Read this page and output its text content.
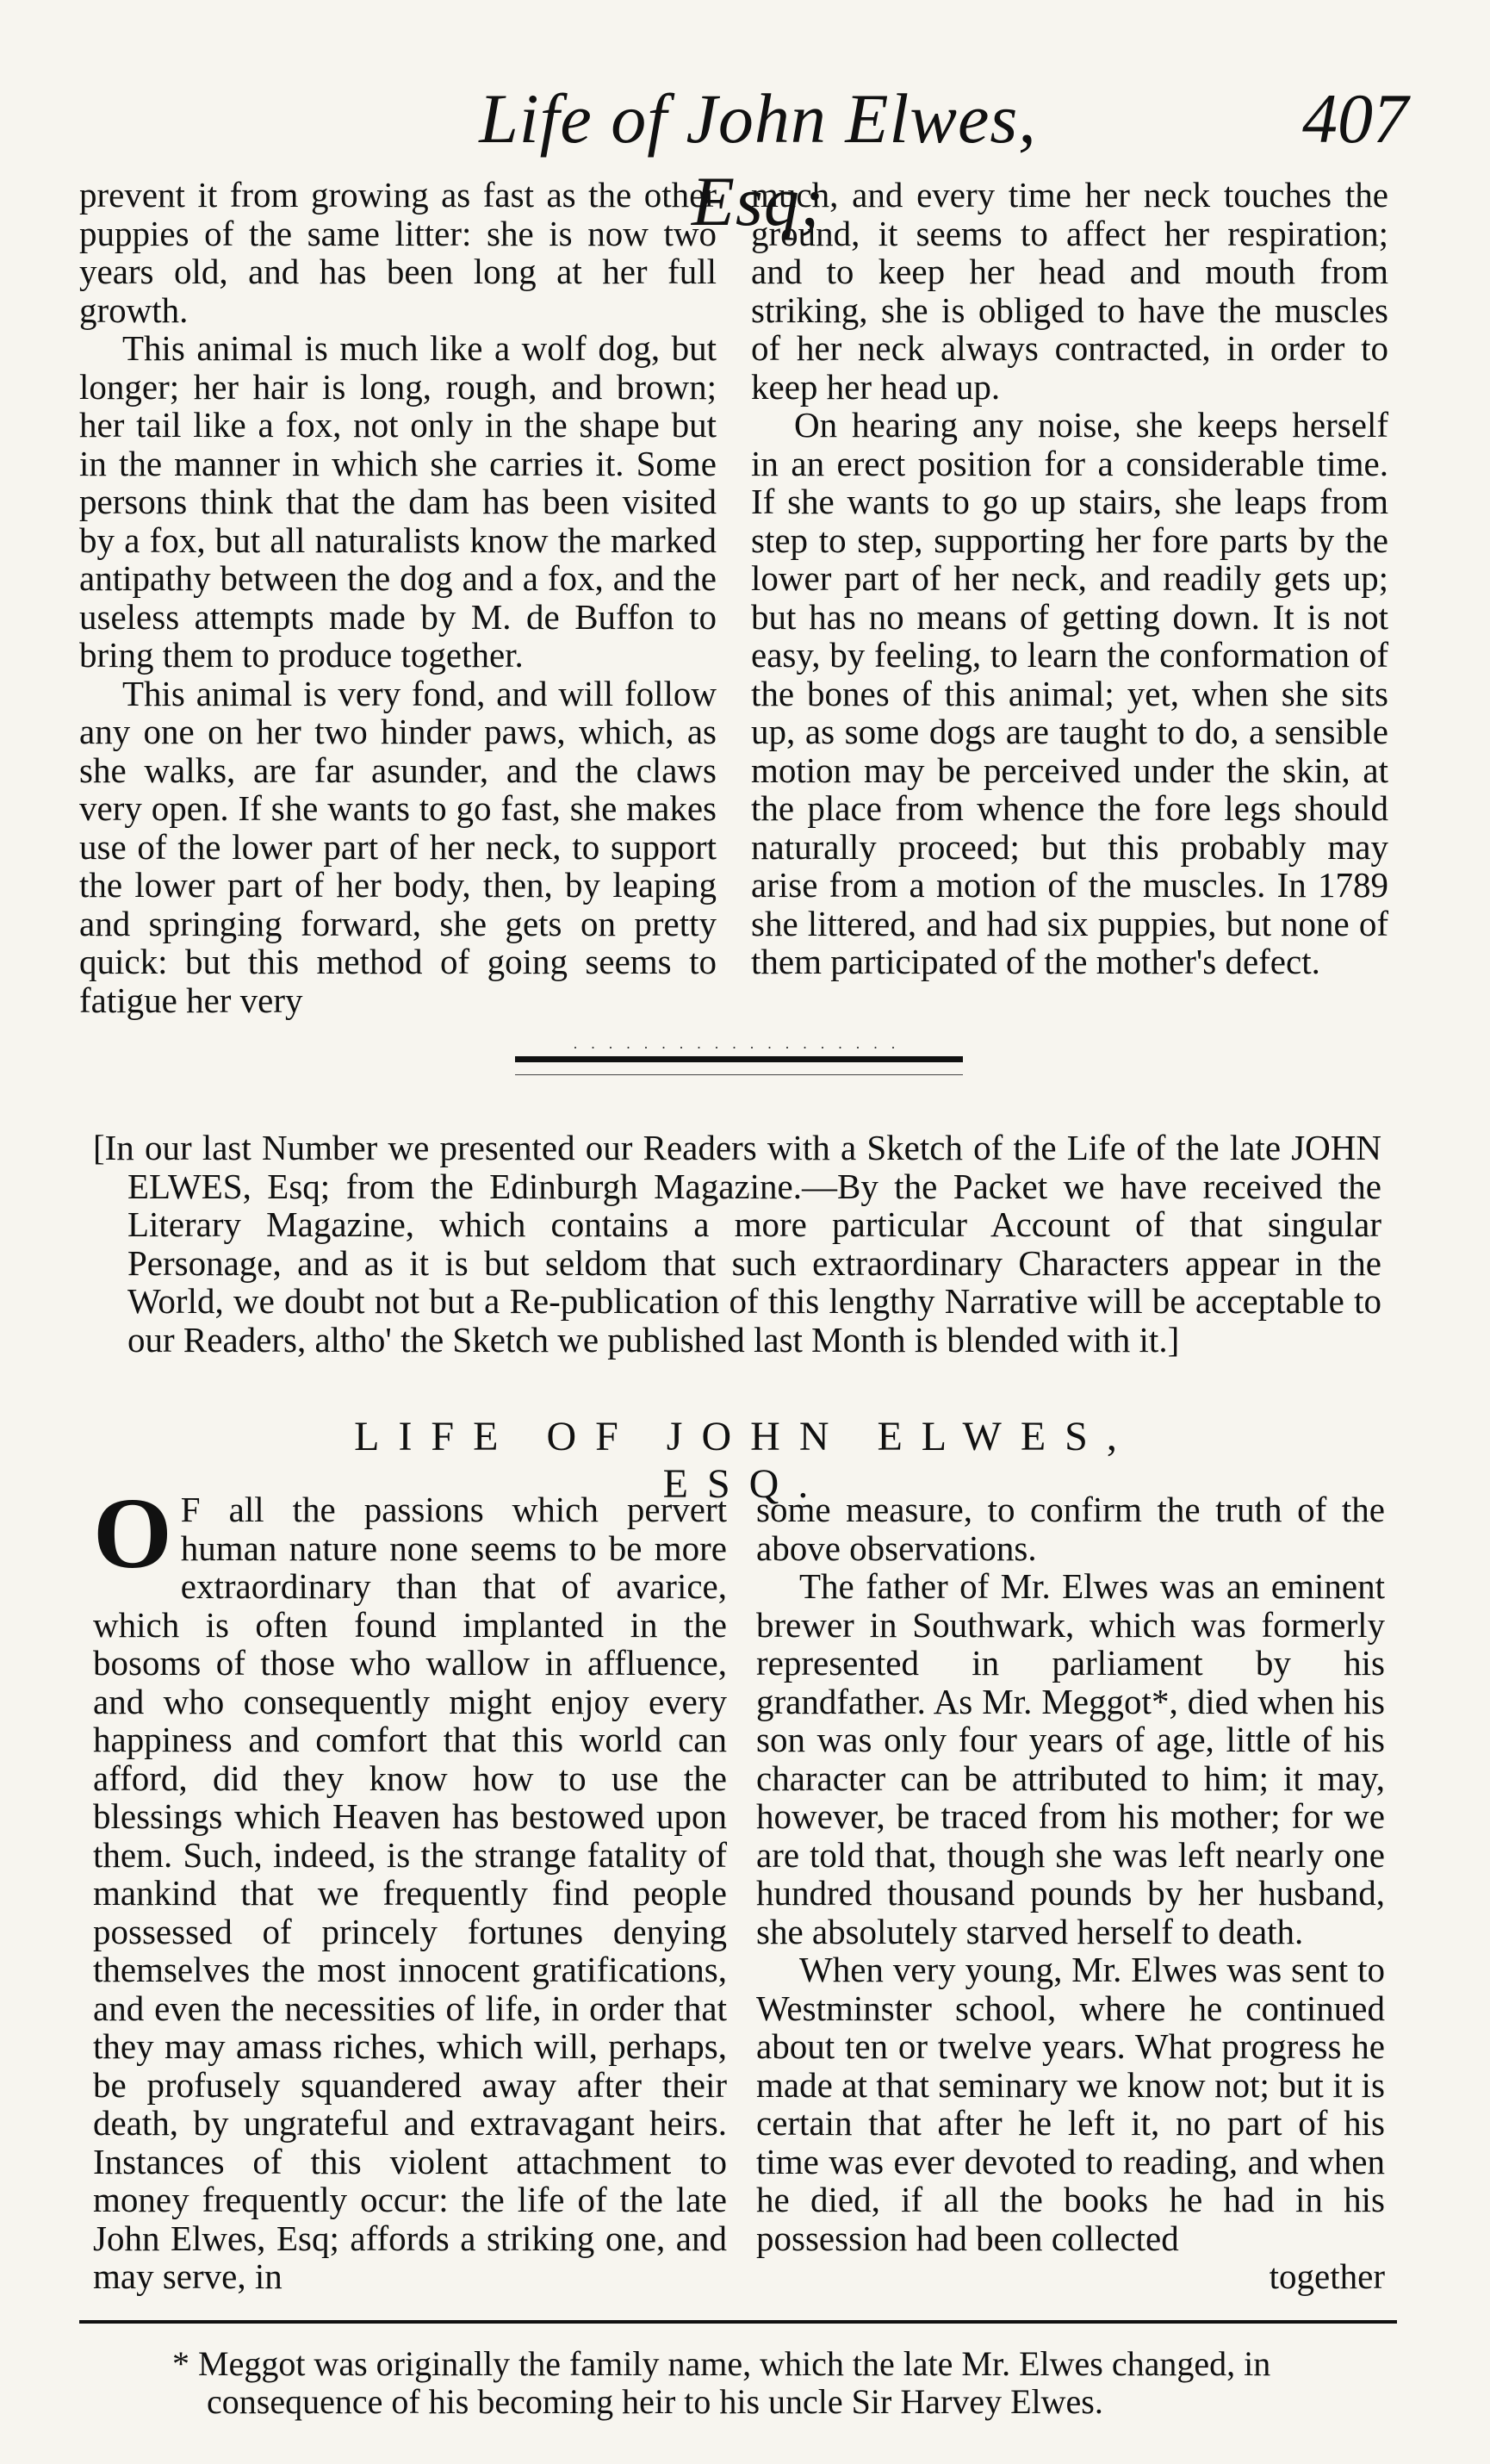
Life of John Elwes, Esq;
407

prevent it from growing as fast as the other puppies of the same litter: she is now two years old, and has been long at her full growth.

This animal is much like a wolf dog, but longer; her hair is long, rough, and brown; her tail like a fox, not only in the shape but in the manner in which she carries it. Some persons think that the dam has been visited by a fox, but all naturalists know the marked antipathy between the dog and a fox, and the useless attempts made by M. de Buffon to bring them to produce together.

This animal is very fond, and will follow any one on her two hinder paws, which, as she walks, are far asunder, and the claws very open. If she wants to go fast, she makes use of the lower part of her neck, to support the lower part of her body, then, by leaping and springing forward, she gets on pretty quick: but this method of going seems to fatigue her very

much, and every time her neck touches the ground, it seems to affect her respiration; and to keep her head and mouth from striking, she is obliged to have the muscles of her neck always contracted, in order to keep her head up.

On hearing any noise, she keeps herself in an erect position for a considerable time. If she wants to go up stairs, she leaps from step to step, supporting her fore parts by the lower part of her neck, and readily gets up; but has no means of getting down. It is not easy, by feeling, to learn the conformation of the bones of this animal; yet, when she sits up, as some dogs are taught to do, a sensible motion may be perceived under the skin, at the place from whence the fore legs should naturally proceed; but this probably may arise from a motion of the muscles. In 1789 she littered, and had six puppies, but none of them participated of the mother's defect.

· · · · · · · · · · · · · · · · · · ·

[In our last Number we presented our Readers with a Sketch of the Life of the late JOHN ELWES, Esq; from the Edinburgh Magazine.—By the Packet we have received the Literary Magazine, which contains a more particular Account of that singular Personage, and as it is but seldom that such extraordinary Characters appear in the World, we doubt not but a Re-publication of this lengthy Narrative will be acceptable to our Readers, altho' the Sketch we published last Month is blended with it.]

LIFE OF JOHN ELWES, ESQ.

O F all the passions which pervert human nature none seems to be more extraordinary than that of avarice, which is often found implanted in the bosoms of those who wallow in affluence, and who consequently might enjoy every happiness and comfort that this world can afford, did they know how to use the blessings which Heaven has bestowed upon them. Such, indeed, is the strange fatality of mankind that we frequently find people possessed of princely fortunes denying themselves the most innocent gratifications, and even the necessities of life, in order that they may amass riches, which will, perhaps, be profusely squandered away after their death, by ungrateful and extravagant heirs. Instances of this violent attachment to money frequently occur: the life of the late John Elwes, Esq; affords a striking one, and may serve, in

some measure, to confirm the truth of the above observations.

The father of Mr. Elwes was an eminent brewer in Southwark, which was formerly represented in parliament by his grandfather. As Mr. Meggot*, died when his son was only four years of age, little of his character can be attributed to him; it may, however, be traced from his mother; for we are told that, though she was left nearly one hundred thousand pounds by her husband, she absolutely starved herself to death.

When very young, Mr. Elwes was sent to Westminster school, where he continued about ten or twelve years. What progress he made at that seminary we know not; but it is certain that after he left it, no part of his time was ever devoted to reading, and when he died, if all the books he had in his possession had been collected

together

* Meggot was originally the family name, which the late Mr. Elwes changed, in consequence of his becoming heir to his uncle Sir Harvey Elwes.
